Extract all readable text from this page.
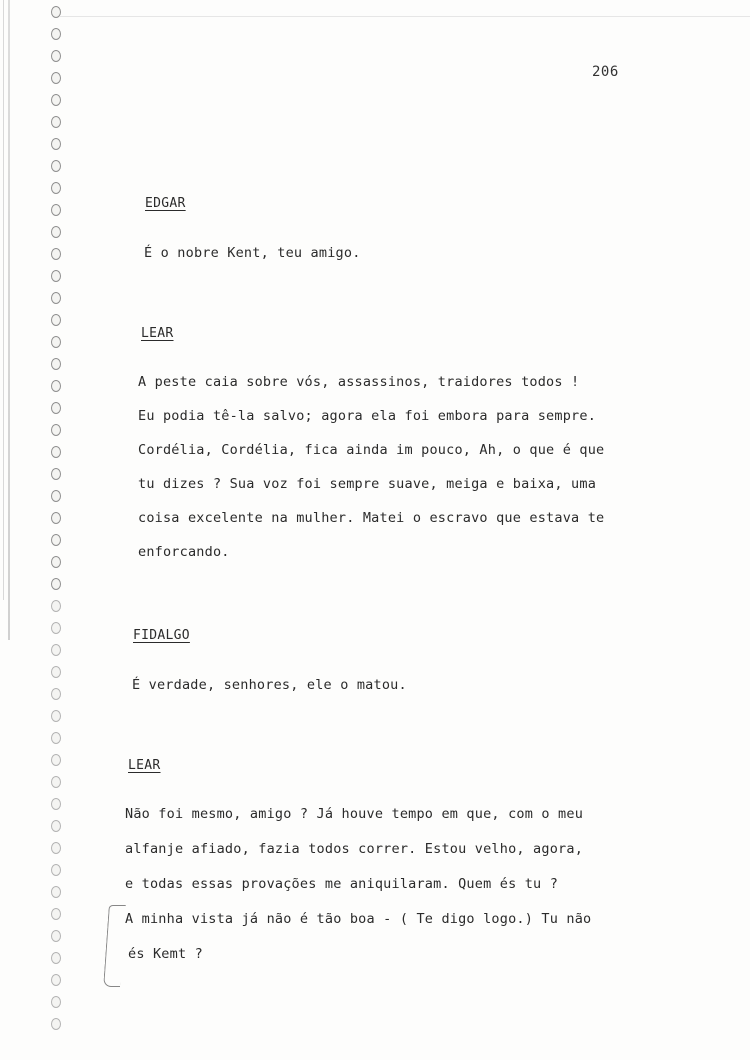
206
EDGAR
É o nobre Kent, teu amigo.
LEAR
A peste caia sobre vós, assassinos, traidores todos !
Eu podia tê-la salvo; agora ela foi embora para sempre.
Cordélia, Cordélia, fica ainda im pouco, Ah, o que é que
tu dizes ? Sua voz foi sempre suave, meiga e baixa, uma
coisa excelente na mulher. Matei o escravo que estava te
enforcando.
FIDALGO
É verdade, senhores, ele o matou.
LEAR
Não foi mesmo, amigo ? Já houve tempo em que, com o meu
alfanje afiado, fazia todos correr. Estou velho, agora,
e todas essas provações me aniquilaram. Quem és tu ?
A minha vista já não é tão boa - ( Te digo logo.) Tu não
és Kemt ?
